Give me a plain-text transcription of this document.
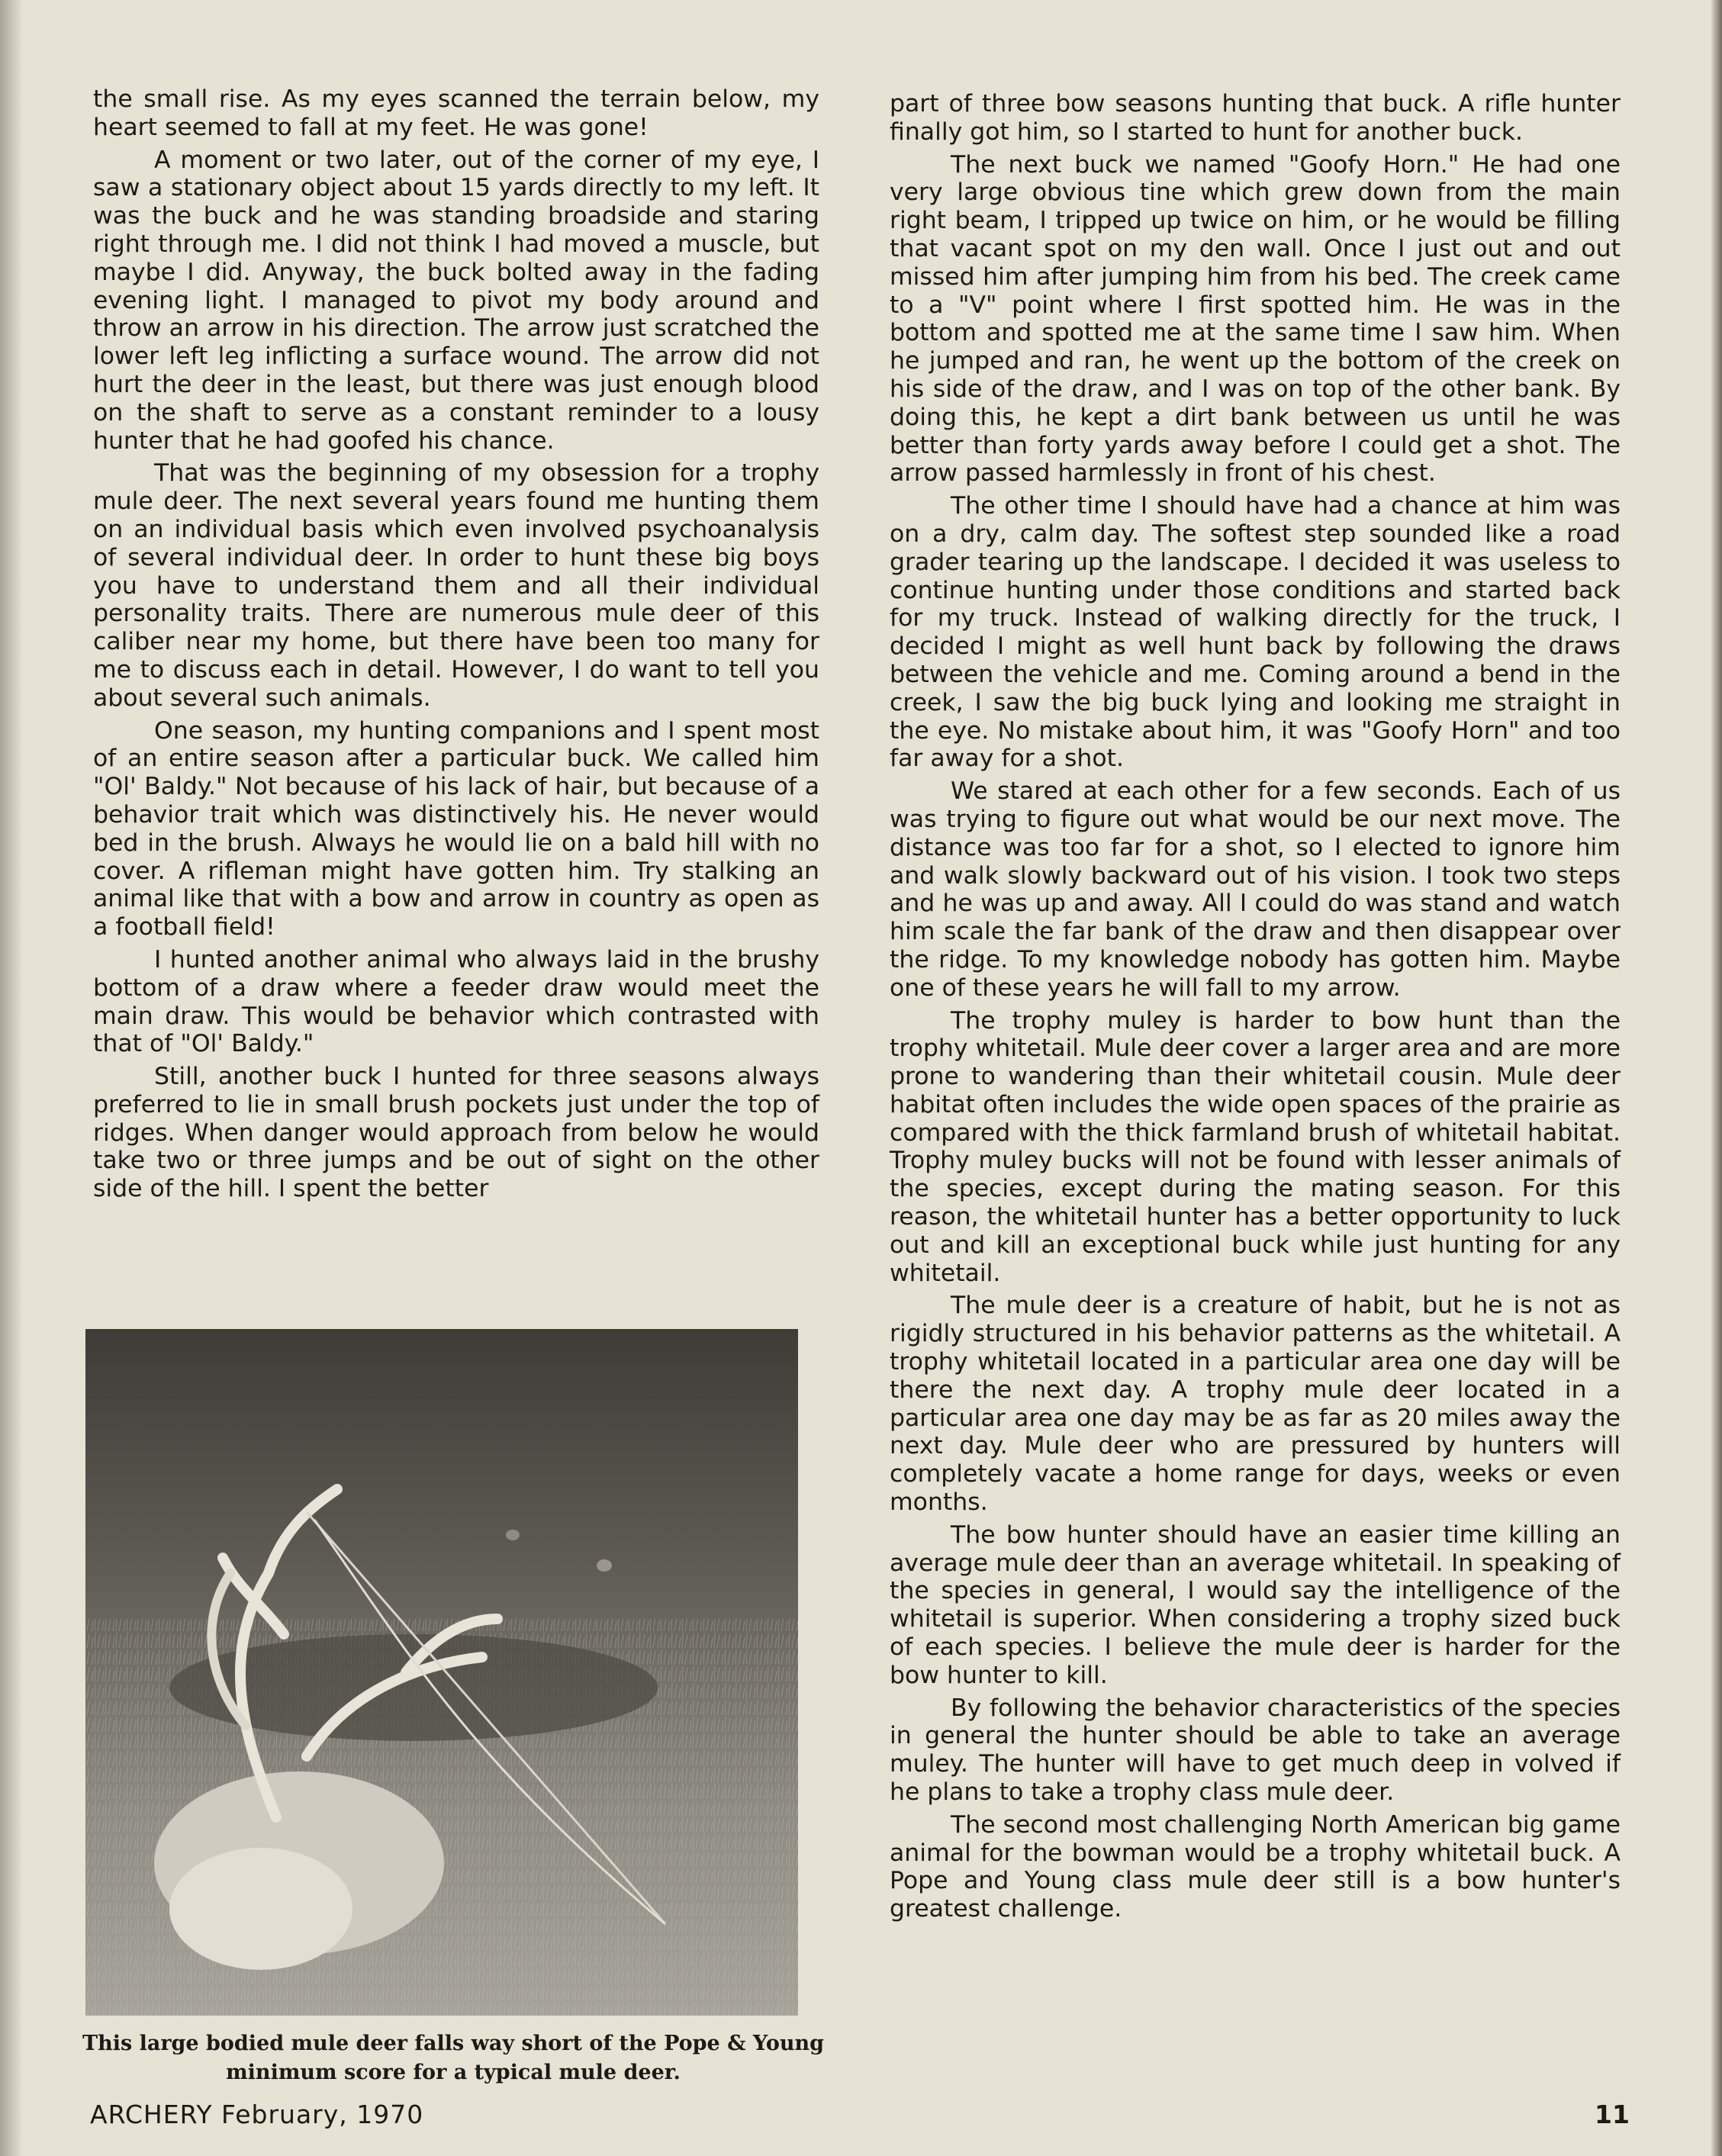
the small rise. As my eyes scanned the terrain below, my heart seemed to fall at my feet. He was gone!

A moment or two later, out of the corner of my eye, I saw a stationary object about 15 yards directly to my left. It was the buck and he was standing broadside and staring right through me. I did not think I had moved a muscle, but maybe I did. Anyway, the buck bolted away in the fading evening light. I managed to pivot my body around and throw an arrow in his direction. The arrow just scratched the lower left leg inflicting a surface wound. The arrow did not hurt the deer in the least, but there was just enough blood on the shaft to serve as a constant reminder to a lousy hunter that he had goofed his chance.

That was the beginning of my obsession for a trophy mule deer. The next several years found me hunting them on an individual basis which even involved psychoanalysis of several individual deer. In order to hunt these big boys you have to understand them and all their individual personality traits. There are numerous mule deer of this caliber near my home, but there have been too many for me to discuss each in detail. However, I do want to tell you about several such animals.

One season, my hunting companions and I spent most of an entire season after a particular buck. We called him "Ol' Baldy." Not because of his lack of hair, but because of a behavior trait which was distinctively his. He never would bed in the brush. Always he would lie on a bald hill with no cover. A rifleman might have gotten him. Try stalking an animal like that with a bow and arrow in country as open as a football field!

I hunted another animal who always laid in the brushy bottom of a draw where a feeder draw would meet the main draw. This would be behavior which contrasted with that of "Ol' Baldy."

Still, another buck I hunted for three seasons always preferred to lie in small brush pockets just under the top of ridges. When danger would approach from below he would take two or three jumps and be out of sight on the other side of the hill. I spent the better

This large bodied mule deer falls way short of the Pope & Young minimum score for a typical mule deer.

part of three bow seasons hunting that buck. A rifle hunter finally got him, so I started to hunt for another buck.

The next buck we named "Goofy Horn." He had one very large obvious tine which grew down from the main right beam, I tripped up twice on him, or he would be filling that vacant spot on my den wall. Once I just out and out missed him after jumping him from his bed. The creek came to a "V" point where I first spotted him. He was in the bottom and spotted me at the same time I saw him. When he jumped and ran, he went up the bottom of the creek on his side of the draw, and I was on top of the other bank. By doing this, he kept a dirt bank between us until he was better than forty yards away before I could get a shot. The arrow passed harmlessly in front of his chest.

The other time I should have had a chance at him was on a dry, calm day. The softest step sounded like a road grader tearing up the landscape. I decided it was useless to continue hunting under those conditions and started back for my truck. Instead of walking directly for the truck, I decided I might as well hunt back by following the draws between the vehicle and me. Coming around a bend in the creek, I saw the big buck lying and looking me straight in the eye. No mistake about him, it was "Goofy Horn" and too far away for a shot.

We stared at each other for a few seconds. Each of us was trying to figure out what would be our next move. The distance was too far for a shot, so I elected to ignore him and walk slowly backward out of his vision. I took two steps and he was up and away. All I could do was stand and watch him scale the far bank of the draw and then disappear over the ridge. To my knowledge nobody has gotten him. Maybe one of these years he will fall to my arrow.

The trophy muley is harder to bow hunt than the trophy whitetail. Mule deer cover a larger area and are more prone to wandering than their whitetail cousin. Mule deer habitat often includes the wide open spaces of the prairie as compared with the thick farmland brush of whitetail habitat. Trophy muley bucks will not be found with lesser animals of the species, except during the mating season. For this reason, the whitetail hunter has a better opportunity to luck out and kill an exceptional buck while just hunting for any whitetail.

The mule deer is a creature of habit, but he is not as rigidly structured in his behavior patterns as the whitetail. A trophy whitetail located in a particular area one day will be there the next day. A trophy mule deer located in a particular area one day may be as far as 20 miles away the next day. Mule deer who are pressured by hunters will completely vacate a home range for days, weeks or even months.

The bow hunter should have an easier time killing an average mule deer than an average whitetail. In speaking of the species in general, I would say the intelligence of the whitetail is superior. When considering a trophy sized buck of each species. I believe the mule deer is harder for the bow hunter to kill.

By following the behavior characteristics of the species in general the hunter should be able to take an average muley. The hunter will have to get much deep in volved if he plans to take a trophy class mule deer.

The second most challenging North American big game animal for the bowman would be a trophy whitetail buck. A Pope and Young class mule deer still is a bow hunter's greatest challenge.

ARCHERY February, 1970	11
